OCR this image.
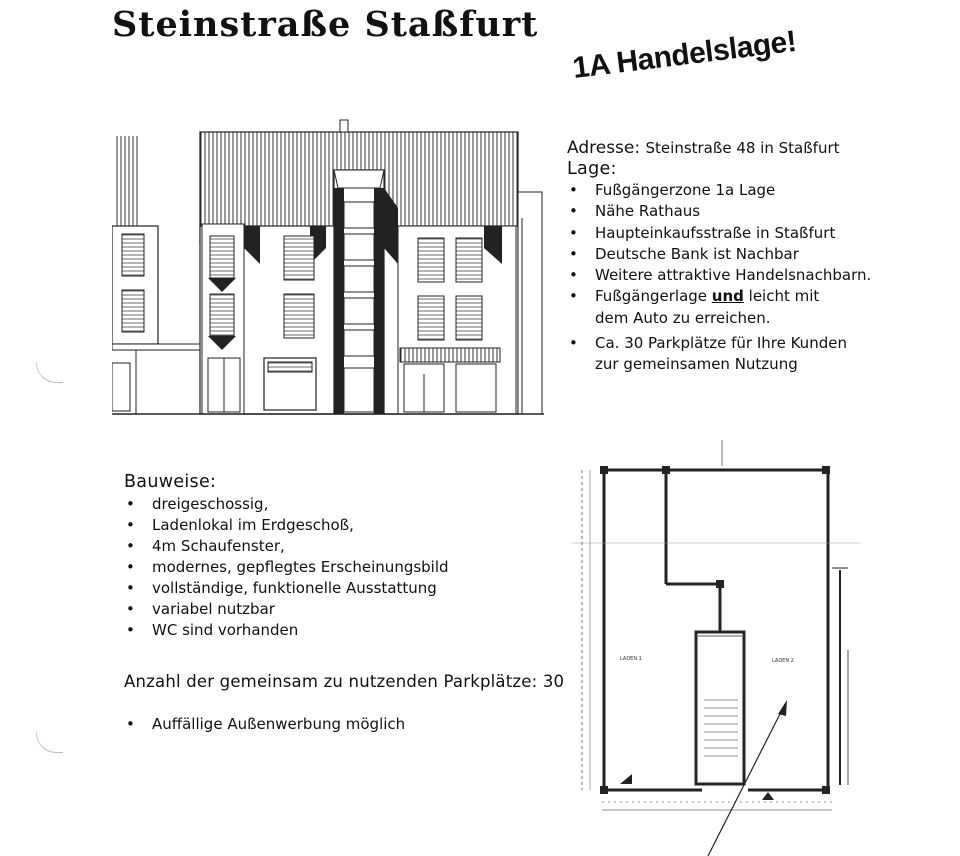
Steinstraße Staßfurt
1A Handelslage!
Adresse: Steinstraße 48 in Staßfurt
Lage:
• Fußgängerzone 1a Lage
• Nähe Rathaus
• Haupteinkaufsstraße in Staßfurt
• Deutsche Bank ist Nachbar
• Weitere attraktive Handelsnachbarn.
• Fußgängerlage und leicht mit dem Auto zu erreichen.
• Ca. 30 Parkplätze für Ihre Kunden zur gemeinsamen Nutzung
Bauweise:
• dreigeschossig,
• Ladenlokal im Erdgeschoß,
• 4m Schaufenster,
• modernes, gepflegtes Erscheinungsbild
• vollständige, funktionelle Ausstattung
• variabel nutzbar
• WC sind vorhanden
Anzahl der gemeinsam zu nutzenden Parkplätze: 30
• Auffällige Außenwerbung möglich
LADEN 1	LADEN 2
